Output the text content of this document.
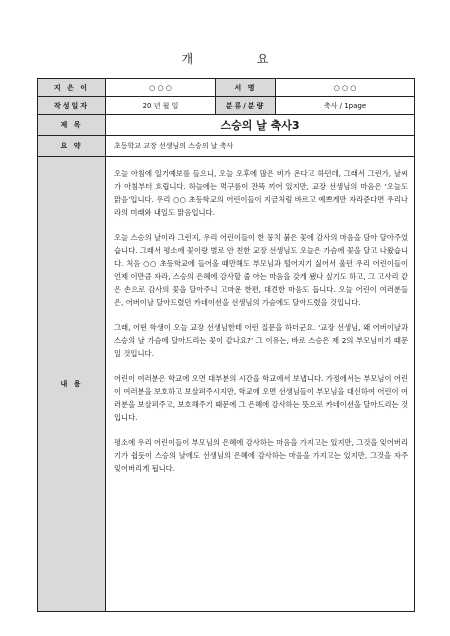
개 요
지 은 이	○ ○ ○	서 명	○ ○ ○
작성일자	20 년 월 일	분류/분량	축사 / 1page
제 목	스승의 날 축사3		
요 약	초등학교 교장 선생님의 스승의 날 축사		
내 용	오늘 아침에 일기예보를 들으니, 오늘 오후에 많은 비가 온다고 하던데, 그래서 그런가, 날씨가 아침부터 흐립니다. 하늘에는 먹구름이 잔뜩 끼어 있지만, 교장 선생님의 마음은 ‘오늘도 맑음’입니다. 우리 ○○ 초등학교의 어린이들이 지금처럼 바르고 예쁘게만 자라준다면 우리나라의 미래와 내일도 맑음입니다.

오늘 스승의 날이라 그런지, 우리 어린이들이 한 뭉치 붉은 꽃에 감사의 마음을 담아 달아주었습니다. 그래서 평소에 꽃이랑 별로 안 친한 교장 선생님도 오늘은 가슴에 꽃을 달고 나왔습니다. 처음 ○○ 초등학교에 들어올 때만해도 부모님과 떨어지기 싫어서 울던 우리 어린이들이 언제 이만큼 자라, 스승의 은혜에 감사할 줄 아는 마음을 갖게 됐나 싶기도 하고, 그 고사리 같은 손으로 감사의 꽃을 달아주니 고마운 한편, 대견한 마음도 듭니다. 오늘 어린이 여러분들은, 어버이날 달아드렸던 카네이션을 선생님의 가슴에도 달아드렸을 것입니다.

그래, 어떤 학생이 오늘 교장 선생님한테 이런 질문을 하더군요. ‘교장 선생님, 왜 어버이날과 스승의 날 가슴에 달아드리는 꽃이 같나요?’ 그 이유는, 바로 스승은 제 2의 부모님이기 때문일 것입니다.

어린이 여러분은 학교에 오면 대부분의 시간을 학교에서 보냅니다. 가정에서는 부모님이 어린이 여러분을 보호하고 보살펴주시지만, 학교에 오면 선생님들이 부모님을 대신하여 어린이 여러분을 보살펴주고, 보호해주기 때문에 그 은혜에 감사하는 뜻으로 카네이션을 달아드리는 것입니다.

평소에 우리 어린이들이 부모님의 은혜에 감사하는 마음을 가지고는 있지만, 그것을 잊어버리기가 쉽듯이 스승의 날에도 선생님의 은혜에 감사하는 마음을 가지고는 있지만, 그것을 자주 잊어버리게 됩니다.		
